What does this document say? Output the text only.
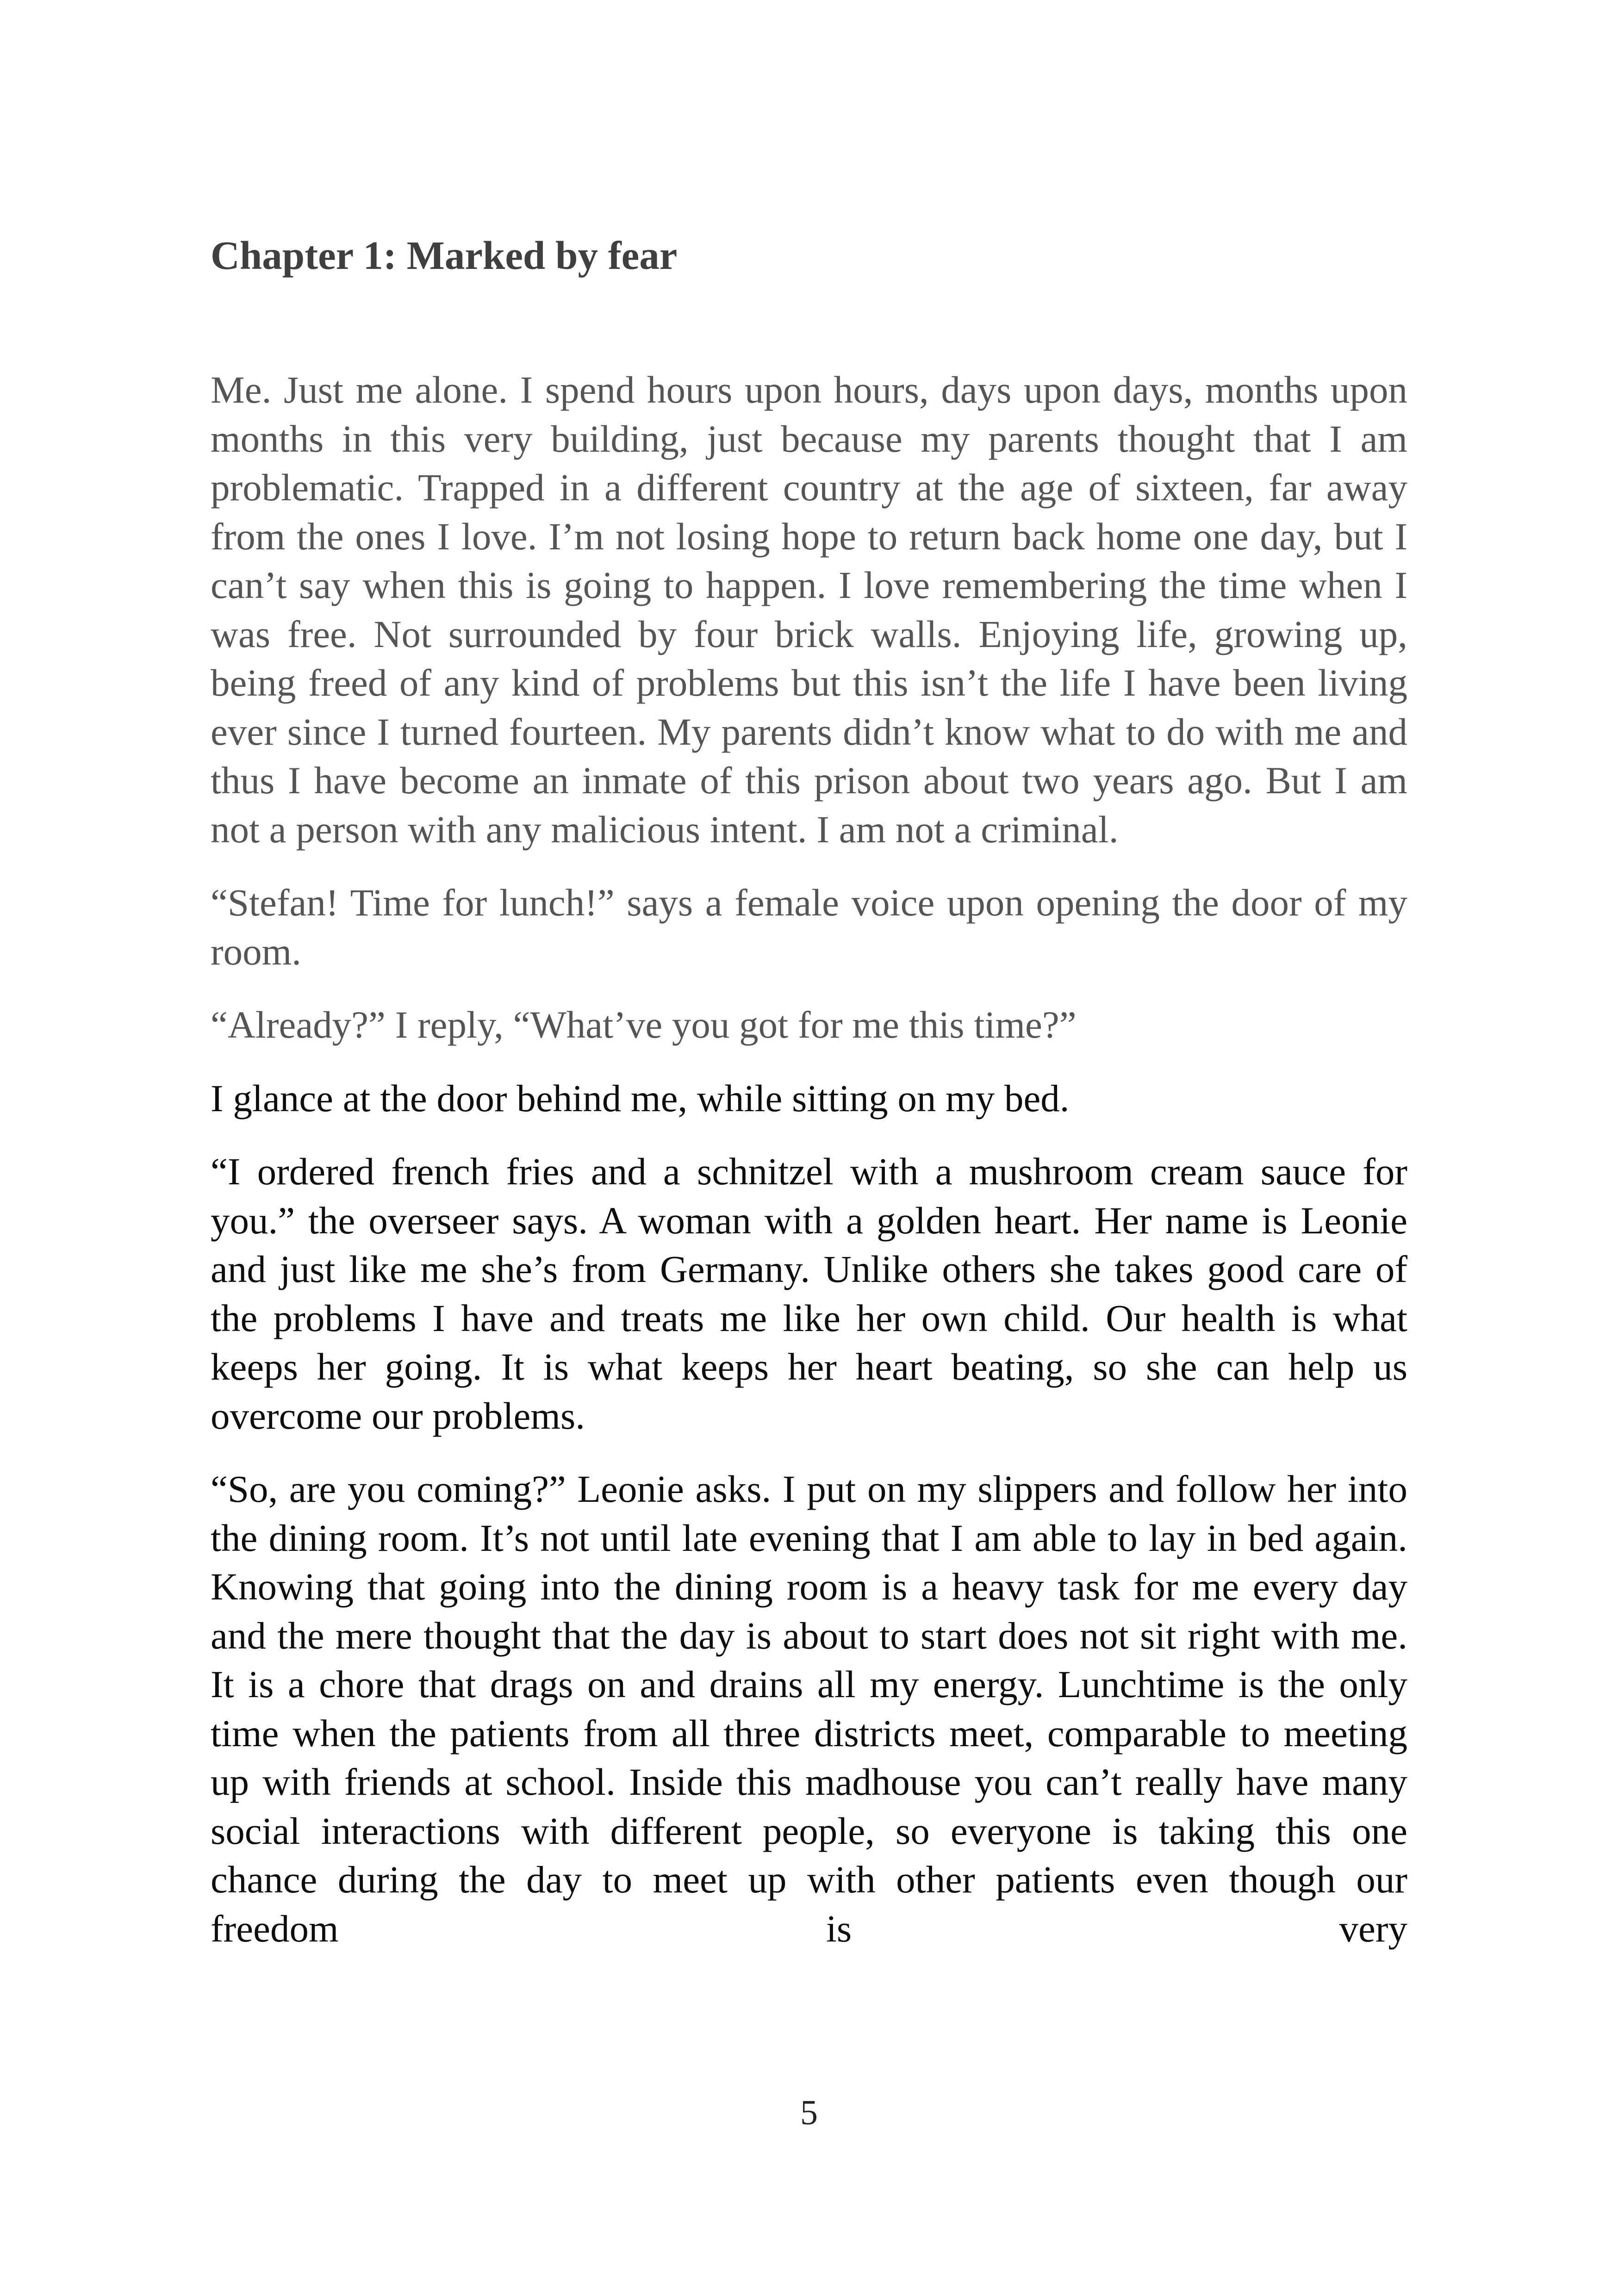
Chapter 1: Marked by fear

Me. Just me alone. I spend hours upon hours, days upon days, months upon months in this very building, just because my parents thought that I am problematic. Trapped in a different country at the age of sixteen, far away from the ones I love. I’m not losing hope to return back home one day, but I can’t say when this is going to happen. I love remembering the time when I was free. Not surrounded by four brick walls. Enjoying life, growing up, being freed of any kind of problems but this isn’t the life I have been living ever since I turned fourteen. My parents didn’t know what to do with me and thus I have become an inmate of this prison about two years ago. But I am not a person with any malicious intent. I am not a criminal.

“Stefan! Time for lunch!” says a female voice upon opening the door of my room.

“Already?” I reply, “What’ve you got for me this time?”

I glance at the door behind me, while sitting on my bed.

“I ordered french fries and a schnitzel with a mushroom cream sauce for you.” the overseer says. A woman with a golden heart. Her name is Leonie and just like me she’s from Germany. Unlike others she takes good care of the problems I have and treats me like her own child. Our health is what keeps her going. It is what keeps her heart beating, so she can help us overcome our problems.

“So, are you coming?” Leonie asks. I put on my slippers and follow her into the dining room. It’s not until late evening that I am able to lay in bed again. Knowing that going into the dining room is a heavy task for me every day and the mere thought that the day is about to start does not sit right with me. It is a chore that drags on and drains all my energy. Lunchtime is the only time when the patients from all three districts meet, comparable to meeting up with friends at school. Inside this madhouse you can’t really have many social interactions with different people, so everyone is taking this one chance during the day to meet up with other patients even though our freedom is very

5
